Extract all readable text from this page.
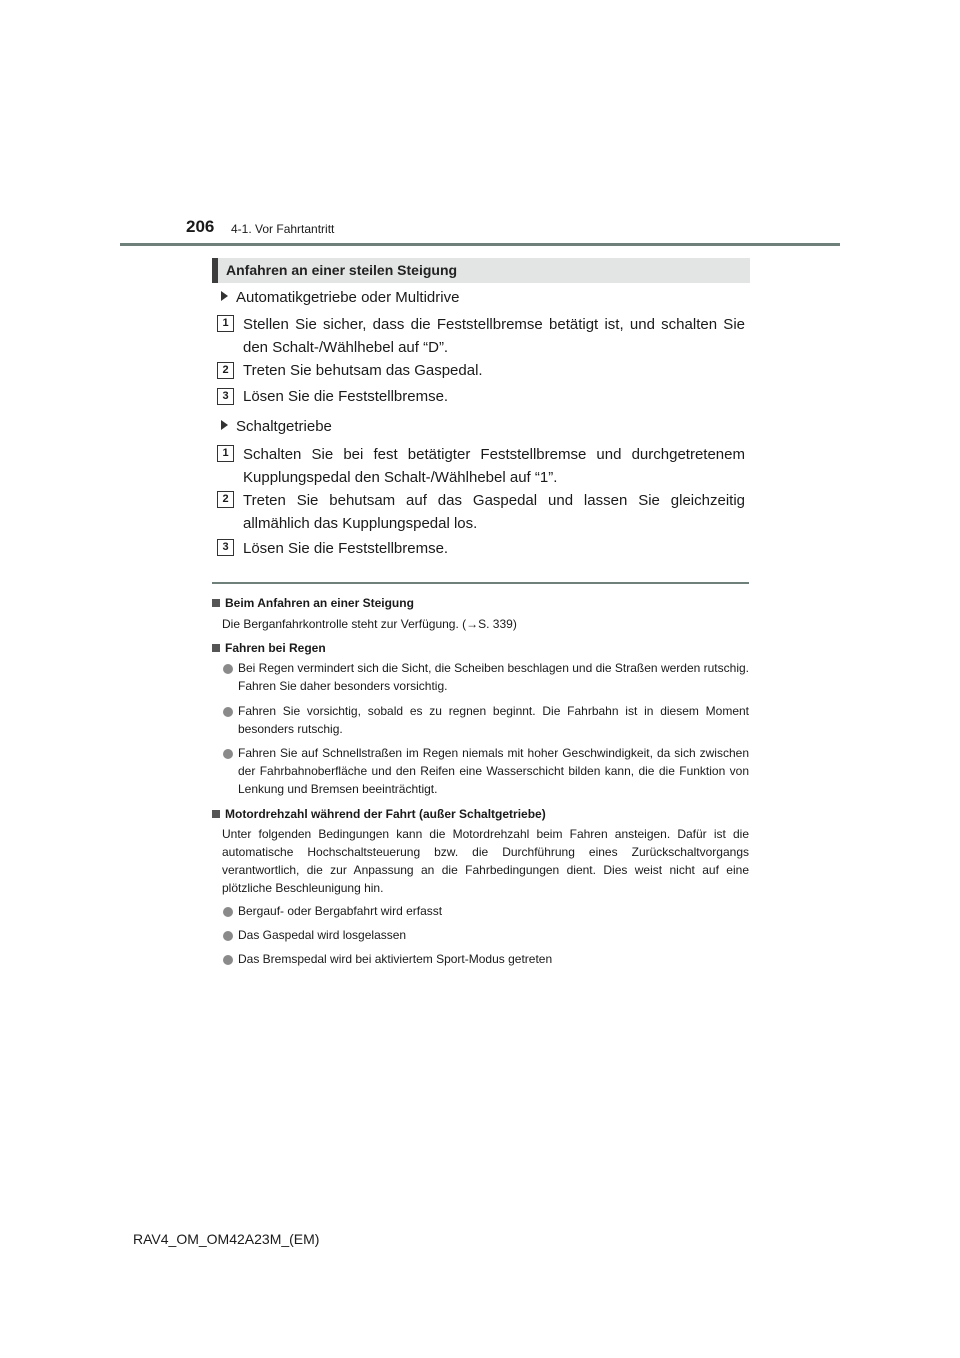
206 4-1. Vor Fahrtantritt
Anfahren an einer steilen Steigung
Automatikgetriebe oder Multidrive
1 Stellen Sie sicher, dass die Feststellbremse betätigt ist, und schalten Sie den Schalt-/Wählhebel auf “D”.
2 Treten Sie behutsam das Gaspedal.
3 Lösen Sie die Feststellbremse.
Schaltgetriebe
1 Schalten Sie bei fest betätigter Feststellbremse und durchgetretenem Kupplungspedal den Schalt-/Wählhebel auf “1”.
2 Treten Sie behutsam auf das Gaspedal und lassen Sie gleichzeitig allmählich das Kupplungspedal los.
3 Lösen Sie die Feststellbremse.
Beim Anfahren an einer Steigung
Die Berganfahrkontrolle steht zur Verfügung. (→S. 339)
Fahren bei Regen
Bei Regen vermindert sich die Sicht, die Scheiben beschlagen und die Straßen werden rutschig. Fahren Sie daher besonders vorsichtig.
Fahren Sie vorsichtig, sobald es zu regnen beginnt. Die Fahrbahn ist in diesem Moment besonders rutschig.
Fahren Sie auf Schnellstraßen im Regen niemals mit hoher Geschwindigkeit, da sich zwischen der Fahrbahnoberfläche und den Reifen eine Wasserschicht bilden kann, die die Funktion von Lenkung und Bremsen beeinträchtigt.
Motordrehzahl während der Fahrt (außer Schaltgetriebe)
Unter folgenden Bedingungen kann die Motordrehzahl beim Fahren ansteigen. Dafür ist die automatische Hochschaltsteuerung bzw. die Durchführung eines Zurückschaltvorgangs verantwortlich, die zur Anpassung an die Fahrbedingungen dient. Dies weist nicht auf eine plötzliche Beschleunigung hin.
Bergauf- oder Bergabfahrt wird erfasst
Das Gaspedal wird losgelassen
Das Bremspedal wird bei aktiviertem Sport-Modus getreten
RAV4_OM_OM42A23M_(EM)
